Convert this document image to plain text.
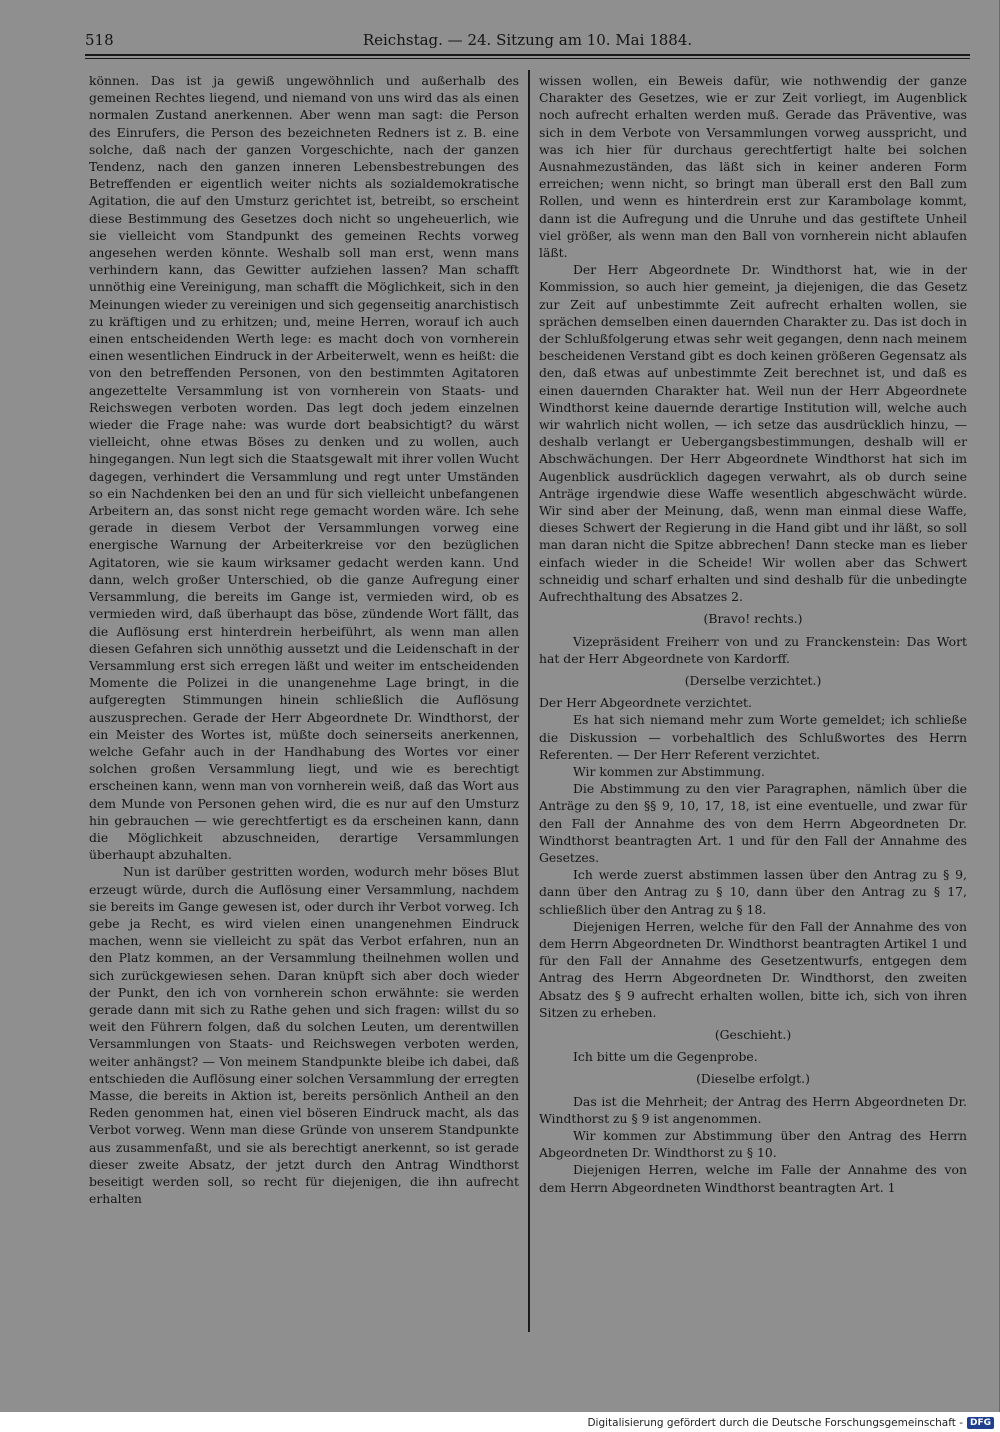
518	Reichstag. — 24. Sitzung am 10. Mai 1884.

können. Das ist ja gewiß ungewöhnlich und außerhalb des gemeinen Rechtes liegend, und niemand von uns wird das als einen normalen Zustand anerkennen. Aber wenn man sagt: die Person des Einrufers, die Person des bezeichneten Redners ist z. B. eine solche, daß nach der ganzen Vorgeschichte, nach der ganzen Tendenz, nach den ganzen inneren Lebensbestrebungen des Betreffenden er eigentlich weiter nichts als sozialdemokratische Agitation, die auf den Umsturz gerichtet ist, betreibt, so erscheint diese Bestimmung des Gesetzes doch nicht so ungeheuerlich, wie sie vielleicht vom Standpunkt des gemeinen Rechts vorweg angesehen werden könnte. Weshalb soll man erst, wenn mans verhindern kann, das Gewitter aufziehen lassen? Man schafft unnöthig eine Vereinigung, man schafft die Möglichkeit, sich in den Meinungen wieder zu vereinigen und sich gegenseitig anarchistisch zu kräftigen und zu erhitzen; und, meine Herren, worauf ich auch einen entscheidenden Werth lege: es macht doch von vornherein einen wesentlichen Eindruck in der Arbeiterwelt, wenn es heißt: die von den betreffenden Personen, von den bestimmten Agitatoren angezettelte Versammlung ist von vornherein von Staats- und Reichswegen verboten worden. Das legt doch jedem einzelnen wieder die Frage nahe: was wurde dort beabsichtigt? du wärst vielleicht, ohne etwas Böses zu denken und zu wollen, auch hingegangen. Nun legt sich die Staatsgewalt mit ihrer vollen Wucht dagegen, verhindert die Versammlung und regt unter Umständen so ein Nachdenken bei den an und für sich vielleicht unbefangenen Arbeitern an, das sonst nicht rege gemacht worden wäre. Ich sehe gerade in diesem Verbot der Versammlungen vorweg eine energische Warnung der Arbeiterkreise vor den bezüglichen Agitatoren, wie sie kaum wirksamer gedacht werden kann. Und dann, welch großer Unterschied, ob die ganze Aufregung einer Versammlung, die bereits im Gange ist, vermieden wird, ob es vermieden wird, daß überhaupt das böse, zündende Wort fällt, das die Auflösung erst hinterdrein herbeiführt, als wenn man allen diesen Gefahren sich unnöthig aussetzt und die Leidenschaft in der Versammlung erst sich erregen läßt und weiter im entscheidenden Momente die Polizei in die unangenehme Lage bringt, in die aufgeregten Stimmungen hinein schließlich die Auflösung auszusprechen. Gerade der Herr Abgeordnete Dr. Windthorst, der ein Meister des Wortes ist, müßte doch seinerseits anerkennen, welche Gefahr auch in der Handhabung des Wortes vor einer solchen großen Versammlung liegt, und wie es berechtigt erscheinen kann, wenn man von vornherein weiß, daß das Wort aus dem Munde von Personen gehen wird, die es nur auf den Umsturz hin gebrauchen — wie gerechtfertigt es da erscheinen kann, dann die Möglichkeit abzuschneiden, derartige Versammlungen überhaupt abzuhalten.

Nun ist darüber gestritten worden, wodurch mehr böses Blut erzeugt würde, durch die Auflösung einer Versammlung, nachdem sie bereits im Gange gewesen ist, oder durch ihr Verbot vorweg. Ich gebe ja Recht, es wird vielen einen unangenehmen Eindruck machen, wenn sie vielleicht zu spät das Verbot erfahren, nun an den Platz kommen, an der Versammlung theilnehmen wollen und sich zurückgewiesen sehen. Daran knüpft sich aber doch wieder der Punkt, den ich von vornherein schon erwähnte: sie werden gerade dann mit sich zu Rathe gehen und sich fragen: willst du so weit den Führern folgen, daß du solchen Leuten, um derentwillen Versammlungen von Staats- und Reichswegen verboten werden, weiter anhängst? — Von meinem Standpunkte bleibe ich dabei, daß entschieden die Auflösung einer solchen Versammlung der erregten Masse, die bereits in Aktion ist, bereits persönlich Antheil an den Reden genommen hat, einen viel böseren Eindruck macht, als das Verbot vorweg. Wenn man diese Gründe von unserem Standpunkte aus zusammenfaßt, und sie als berechtigt anerkennt, so ist gerade dieser zweite Absatz, der jetzt durch den Antrag Windthorst beseitigt werden soll, so recht für diejenigen, die ihn aufrecht erhalten

wissen wollen, ein Beweis dafür, wie nothwendig der ganze Charakter des Gesetzes, wie er zur Zeit vorliegt, im Augenblick noch aufrecht erhalten werden muß. Gerade das Präventive, was sich in dem Verbote von Versammlungen vorweg ausspricht, und was ich hier für durchaus gerechtfertigt halte bei solchen Ausnahmezuständen, das läßt sich in keiner anderen Form erreichen; wenn nicht, so bringt man überall erst den Ball zum Rollen, und wenn es hinterdrein erst zur Karambolage kommt, dann ist die Aufregung und die Unruhe und das gestiftete Unheil viel größer, als wenn man den Ball von vornherein nicht ablaufen läßt.

Der Herr Abgeordnete Dr. Windthorst hat, wie in der Kommission, so auch hier gemeint, ja diejenigen, die das Gesetz zur Zeit auf unbestimmte Zeit aufrecht erhalten wollen, sie sprächen demselben einen dauernden Charakter zu. Das ist doch in der Schlußfolgerung etwas sehr weit gegangen, denn nach meinem bescheidenen Verstand gibt es doch keinen größeren Gegensatz als den, daß etwas auf unbestimmte Zeit berechnet ist, und daß es einen dauernden Charakter hat. Weil nun der Herr Abgeordnete Windthorst keine dauernde derartige Institution will, welche auch wir wahrlich nicht wollen, — ich setze das ausdrücklich hinzu, — deshalb verlangt er Uebergangsbestimmungen, deshalb will er Abschwächungen. Der Herr Abgeordnete Windthorst hat sich im Augenblick ausdrücklich dagegen verwahrt, als ob durch seine Anträge irgendwie diese Waffe wesentlich abgeschwächt würde. Wir sind aber der Meinung, daß, wenn man einmal diese Waffe, dieses Schwert der Regierung in die Hand gibt und ihr läßt, so soll man daran nicht die Spitze abbrechen! Dann stecke man es lieber einfach wieder in die Scheide! Wir wollen aber das Schwert schneidig und scharf erhalten und sind deshalb für die unbedingte Aufrechthaltung des Absatzes 2.

(Bravo! rechts.)

Vizepräsident Freiherr von und zu Franckenstein: Das Wort hat der Herr Abgeordnete von Kardorff.

(Derselbe verzichtet.)

Der Herr Abgeordnete verzichtet.

Es hat sich niemand mehr zum Worte gemeldet; ich schließe die Diskussion — vorbehaltlich des Schlußwortes des Herrn Referenten. — Der Herr Referent verzichtet.

Wir kommen zur Abstimmung.

Die Abstimmung zu den vier Paragraphen, nämlich über die Anträge zu den §§ 9, 10, 17, 18, ist eine eventuelle, und zwar für den Fall der Annahme des von dem Herrn Abgeordneten Dr. Windthorst beantragten Art. 1 und für den Fall der Annahme des Gesetzes.

Ich werde zuerst abstimmen lassen über den Antrag zu § 9, dann über den Antrag zu § 10, dann über den Antrag zu § 17, schließlich über den Antrag zu § 18.

Diejenigen Herren, welche für den Fall der Annahme des von dem Herrn Abgeordneten Dr. Windthorst beantragten Artikel 1 und für den Fall der Annahme des Gesetzentwurfs, entgegen dem Antrag des Herrn Abgeordneten Dr. Windthorst, den zweiten Absatz des § 9 aufrecht erhalten wollen, bitte ich, sich von ihren Sitzen zu erheben.

(Geschieht.)

Ich bitte um die Gegenprobe.

(Dieselbe erfolgt.)

Das ist die Mehrheit; der Antrag des Herrn Abgeordneten Dr. Windthorst zu § 9 ist angenommen.

Wir kommen zur Abstimmung über den Antrag des Herrn Abgeordneten Dr. Windthorst zu § 10.

Diejenigen Herren, welche im Falle der Annahme des von dem Herrn Abgeordneten Windthorst beantragten Art. 1

Digitalisierung gefördert durch die Deutsche Forschungsgemeinschaft - DFG
